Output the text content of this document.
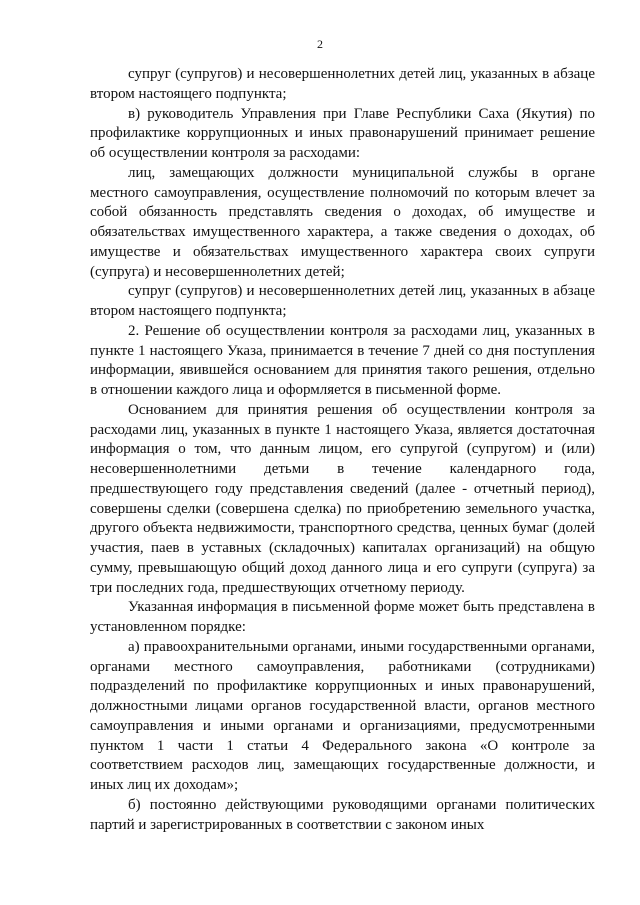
2

супруг (супругов) и несовершеннолетних детей лиц, указанных в абзаце втором настоящего подпункта;

в) руководитель Управления при Главе Республики Саха (Якутия) по профилактике коррупционных и иных правонарушений принимает решение об осуществлении контроля за расходами:

лиц, замещающих должности муниципальной службы в органе местного самоуправления, осуществление полномочий по которым влечет за собой обязанность представлять сведения о доходах, об имуществе и обязательствах имущественного характера, а также сведения о доходах, об имуществе и обязательствах имущественного характера своих супруги (супруга) и несовершеннолетних детей;

супруг (супругов) и несовершеннолетних детей лиц, указанных в абзаце втором настоящего подпункта;

2. Решение об осуществлении контроля за расходами лиц, указанных в пункте 1 настоящего Указа, принимается в течение 7 дней со дня поступления информации, явившейся основанием для принятия такого решения, отдельно в отношении каждого лица и оформляется в письменной форме.

Основанием для принятия решения об осуществлении контроля за расходами лиц, указанных в пункте 1 настоящего Указа, является достаточная информация о том, что данным лицом, его супругой (супругом) и (или) несовершеннолетними детьми в течение календарного года, предшествующего году представления сведений (далее - отчетный период), совершены сделки (совершена сделка) по приобретению земельного участка, другого объекта недвижимости, транспортного средства, ценных бумаг (долей участия, паев в уставных (складочных) капиталах организаций) на общую сумму, превышающую общий доход данного лица и его супруги (супруга) за три последних года, предшествующих отчетному периоду.

Указанная информация в письменной форме может быть представлена в установленном порядке:

а) правоохранительными органами, иными государственными органами, органами местного самоуправления, работниками (сотрудниками) подразделений по профилактике коррупционных и иных правонарушений, должностными лицами органов государственной власти, органов местного самоуправления и иными органами и организациями, предусмотренными пунктом 1 части 1 статьи 4 Федерального закона «О контроле за соответствием расходов лиц, замещающих государственные должности, и иных лиц их доходам»;

б) постоянно действующими руководящими органами политических партий и зарегистрированных в соответствии с законом иных
